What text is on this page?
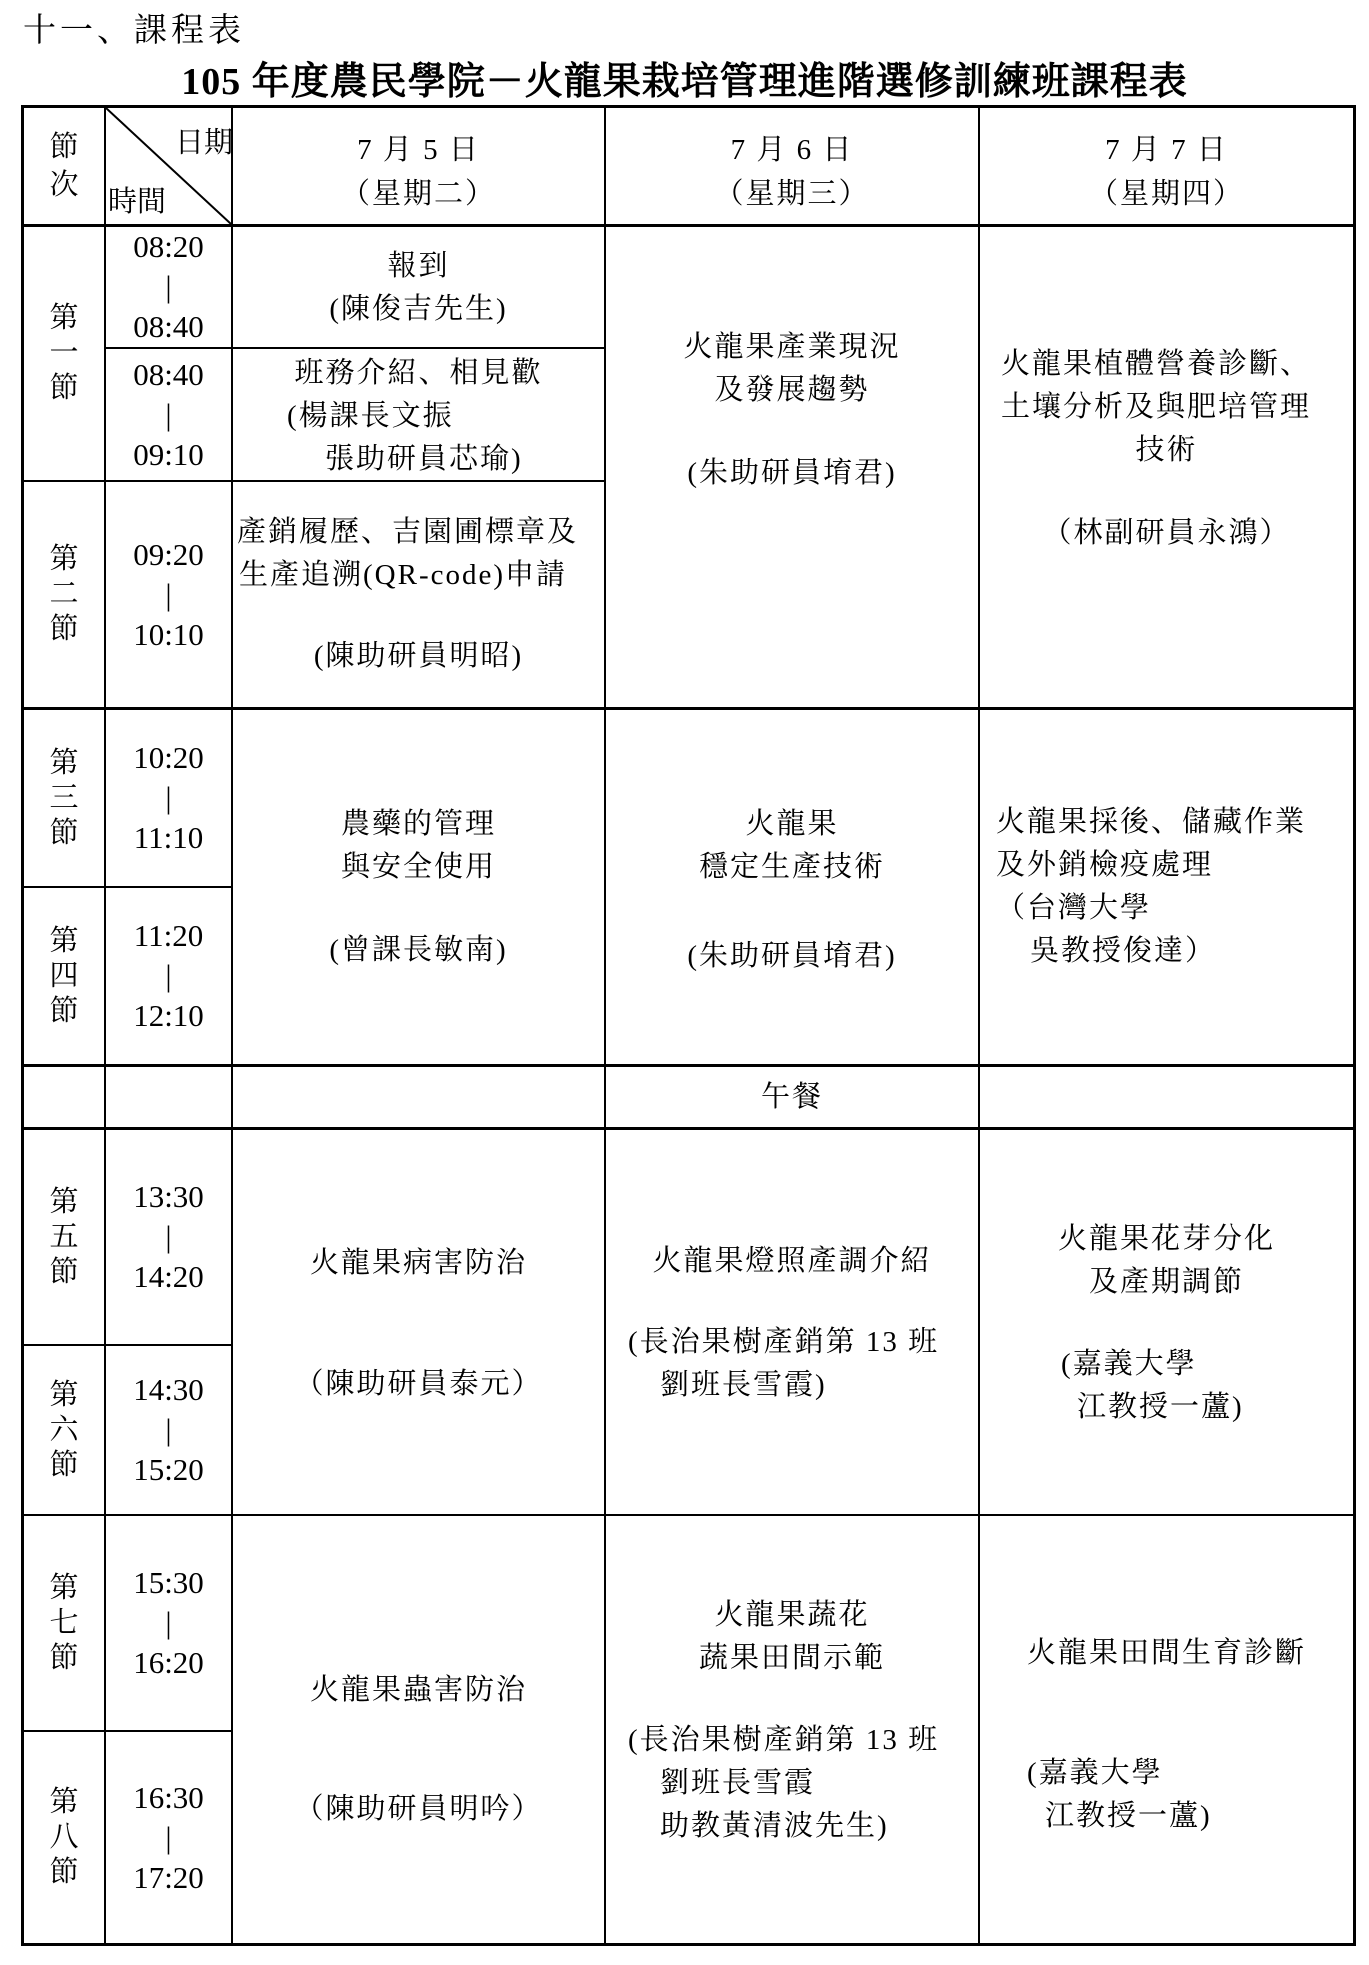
十一、課程表
105 年度農民學院－火龍果栽培管理進階選修訓練班課程表
節次
日期
時間
7 月 5 日
（星期二）
7 月 6 日
（星期三）
7 月 7 日
（星期四）
第一節
第二節
第三節
第四節
第五節
第六節
第七節
第八節
08:20
|
08:40
08:40
|
09:10
09:20
|
10:10
10:20
|
11:10
11:20
|
12:10
13:30
|
14:20
14:30
|
15:20
15:30
|
16:20
16:30
|
17:20
報到
(陳俊吉先生)
班務介紹、相見歡
(楊課長文振
張助研員芯瑜)
產銷履歷、吉園圃標章及
生產追溯(QR-code)申請
(陳助研員明昭)
農藥的管理
與安全使用
(曾課長敏南)
火龍果病害防治
（陳助研員泰元）
火龍果蟲害防治
（陳助研員明吟）
火龍果產業現況
及發展趨勢
(朱助研員堉君)
火龍果
穩定生產技術
(朱助研員堉君)
午餐
火龍果燈照產調介紹
(長治果樹產銷第 13 班
劉班長雪霞)
火龍果蔬花
蔬果田間示範
(長治果樹產銷第 13 班
劉班長雪霞
助教黃清波先生)
火龍果植體營養診斷、
土壤分析及與肥培管理
技術
（林副研員永鴻）
火龍果採後、儲藏作業
及外銷檢疫處理
（台灣大學
吳教授俊達）
火龍果花芽分化
及產期調節
(嘉義大學
江教授一蘆)
火龍果田間生育診斷
(嘉義大學
江教授一蘆)
